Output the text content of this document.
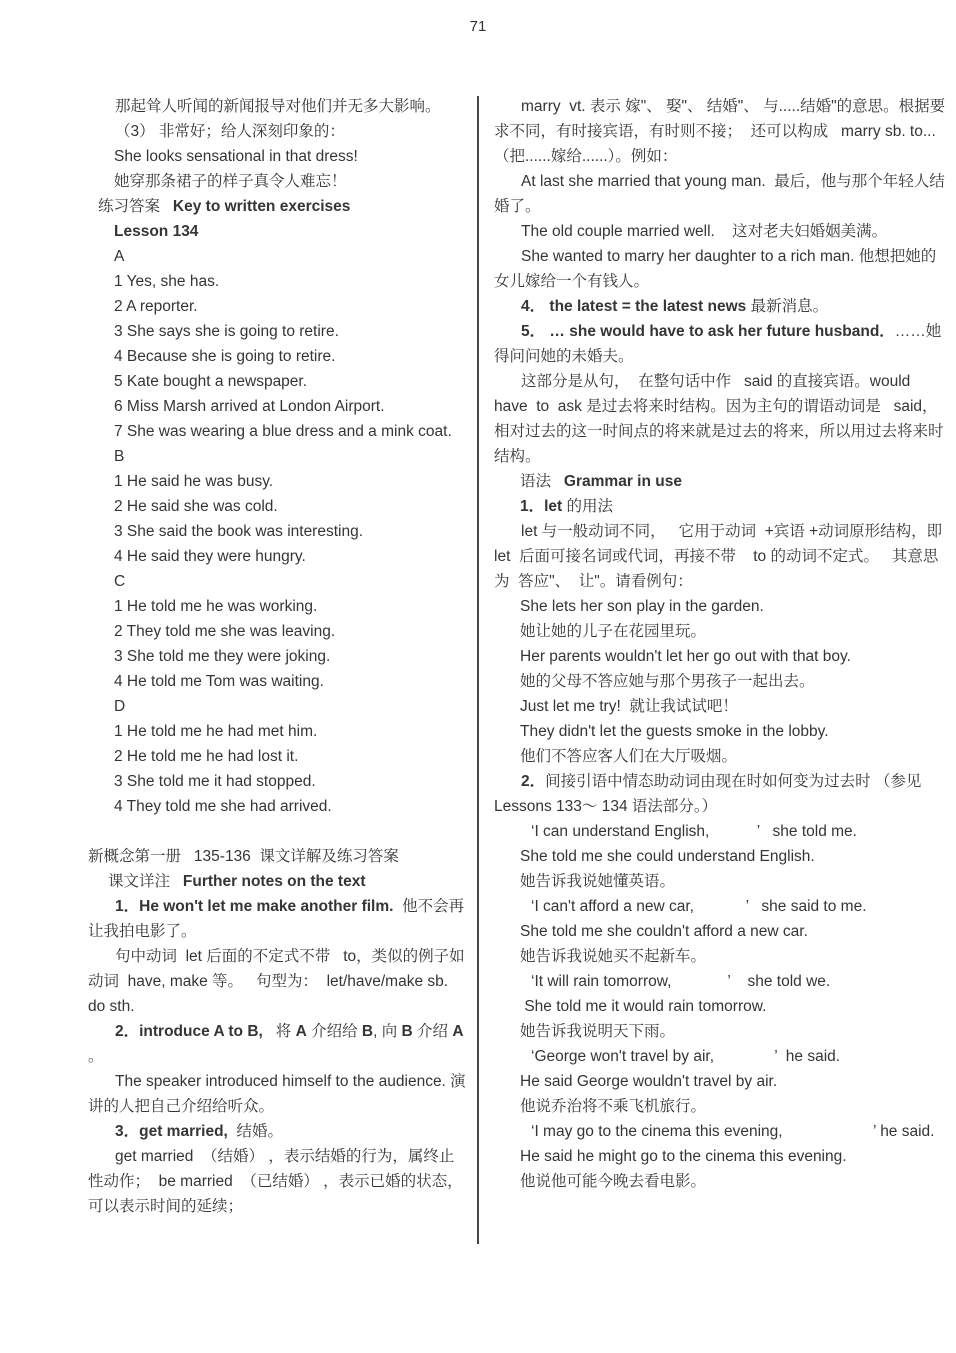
71

那起耸人听闻的新闻报导对他们并无多大影响。

（3） 非常好；给人深刻印象的：

She looks sensational in that dress!

她穿那条裙子的样子真令人难忘！

练习答案   Key to written exercises

Lesson 134

A

1 Yes, she has.

2 A reporter.

3 She says she is going to retire.

4 Because she is going to retire.

5 Kate bought a newspaper.

6 Miss Marsh arrived at London Airport.

7 She was wearing a blue dress and a mink coat.

B

1 He said he was busy.

2 He said she was cold.

3 She said the book was interesting.

4 He said they were hungry.

C

1 He told me he was working.

2 They told me she was leaving.

3 She told me they were joking.

4 He told me Tom was waiting.

D

1 He told me he had met him.

2 He told me he had lost it.

3 She told me it had stopped.

4 They told me she had arrived.

新概念第一册   135-136  课文详解及练习答案

课文详注   Further notes on the text

1．He won't let me make another film.  他不会再让我拍电影了。

句中动词  let 后面的不定式不带   to，类似的例子如动词  have, make 等。   句型为：  let/have/make sb. do sth.

2．introduce A to B,   将 A 介绍给 B, 向 B 介绍 A 。

The speaker introduced himself to the audience. 演讲的人把自己介绍给听众。

3．get married,  结婚。

get married  （结婚） ，表示结婚的行为，属终止性动作；  be married  （已结婚） ，表示已婚的状态，可以表示时间的延续；

marry  vt. 表示 嫁"、 娶"、 结婚"、 与.....结婚"的意思。根据要求不同，有时接宾语，有时则不接；  还可以构成   marry sb. to...（把......嫁给......）。例如：

At last she married that young man.  最后，他与那个年轻人结婚了。

The old couple married well.    这对老夫妇婚姻美满。

She wanted to marry her daughter to a rich man. 他想把她的女儿嫁给一个有钱人。

4． the latest = the latest news 最新消息。

5． … she would have to ask her future husband．……她得问问她的未婚夫。

这部分是从句，  在整句话中作   said 的直接宾语。would  have  to  ask 是过去将来时结构。因为主句的谓语动词是   said，相对过去的这一时间点的将来就是过去的将来，所以用过去将来时结构。

语法   Grammar in use

1．let 的用法

let 与一般动词不同，   它用于动词  +宾语 +动词原形结构，即   let  后面可接名词或代词，再接不带    to 的动词不定式。   其意思为  答应"、  让"。请看例句：

She lets her son play in the garden.

她让她的儿子在花园里玩。

Her parents wouldn't let her go out with that boy.

她的父母不答应她与那个男孩子一起出去。

Just let me try!  就让我试试吧！

They didn't let the guests smoke in the lobby.

他们不答应客人们在大厅吸烟。

2．间接引语中情态助动词由现在时如何变为过去时 （参见  Lessons 133～ 134 语法部分。）

‘I can understand English,           ’   she told me.

She told me she could understand English.

她告诉我说她懂英语。

‘I can't afford a new car,            ’   she said to me.

She told me she couldn't afford a new car.

她告诉我说她买不起新车。

‘It will rain tomorrow,             ’    she told we.

She told me it would rain tomorrow.

她告诉我说明天下雨。

‘George won't travel by air,              ’  he said.

He said George wouldn't travel by air.

他说乔治将不乘飞机旅行。

‘I may go to the cinema this evening,                     ’ he said.

He said he might go to the cinema this evening.

他说他可能今晚去看电影。
